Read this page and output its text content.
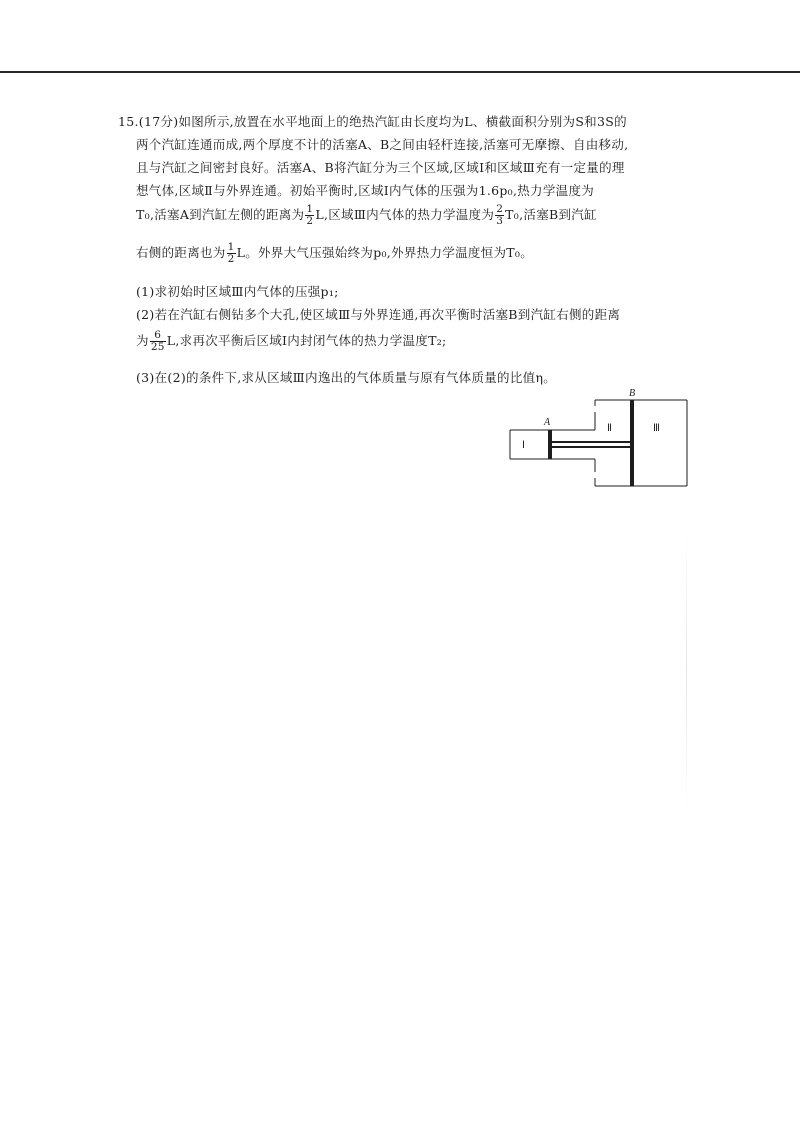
15.(17分)如图所示,放置在水平地面上的绝热汽缸由长度均为L、横截面积分别为S和3S的
两个汽缸连通而成,两个厚度不计的活塞A、B之间由轻杆连接,活塞可无摩擦、自由移动,
且与汽缸之间密封良好。活塞A、B将汽缸分为三个区域,区域Ⅰ和区域Ⅲ充有一定量的理
想气体,区域Ⅱ与外界连通。初始平衡时,区域Ⅰ内气体的压强为1.6p₀,热力学温度为
T₀,活塞A到汽缸左侧的距离为 $\frac{1}{2} L$,区域Ⅲ内气体的热力学温度为 $\frac{2}{3} T_0$,活塞B到汽缸
右侧的距离也为 $\frac{1}{2}$ L。外界大气压强始终为p₀,外界热力学温度恒为T₀。
(1)求初始时区域Ⅲ内气体的压强p₁;
(2)若在汽缸右侧钻多个大孔,使区域Ⅲ与外界连通,再次平衡时活塞B到汽缸右侧的距离
为 $\frac{6}{25} L$,求再次平衡后区域Ⅰ内封闭气体的热力学温度T₂;
(3)在(2)的条件下,求从区域Ⅲ内逸出的气体质量与原有气体质量的比值η。
A
B
Ⅰ
Ⅱ	Ⅲ
